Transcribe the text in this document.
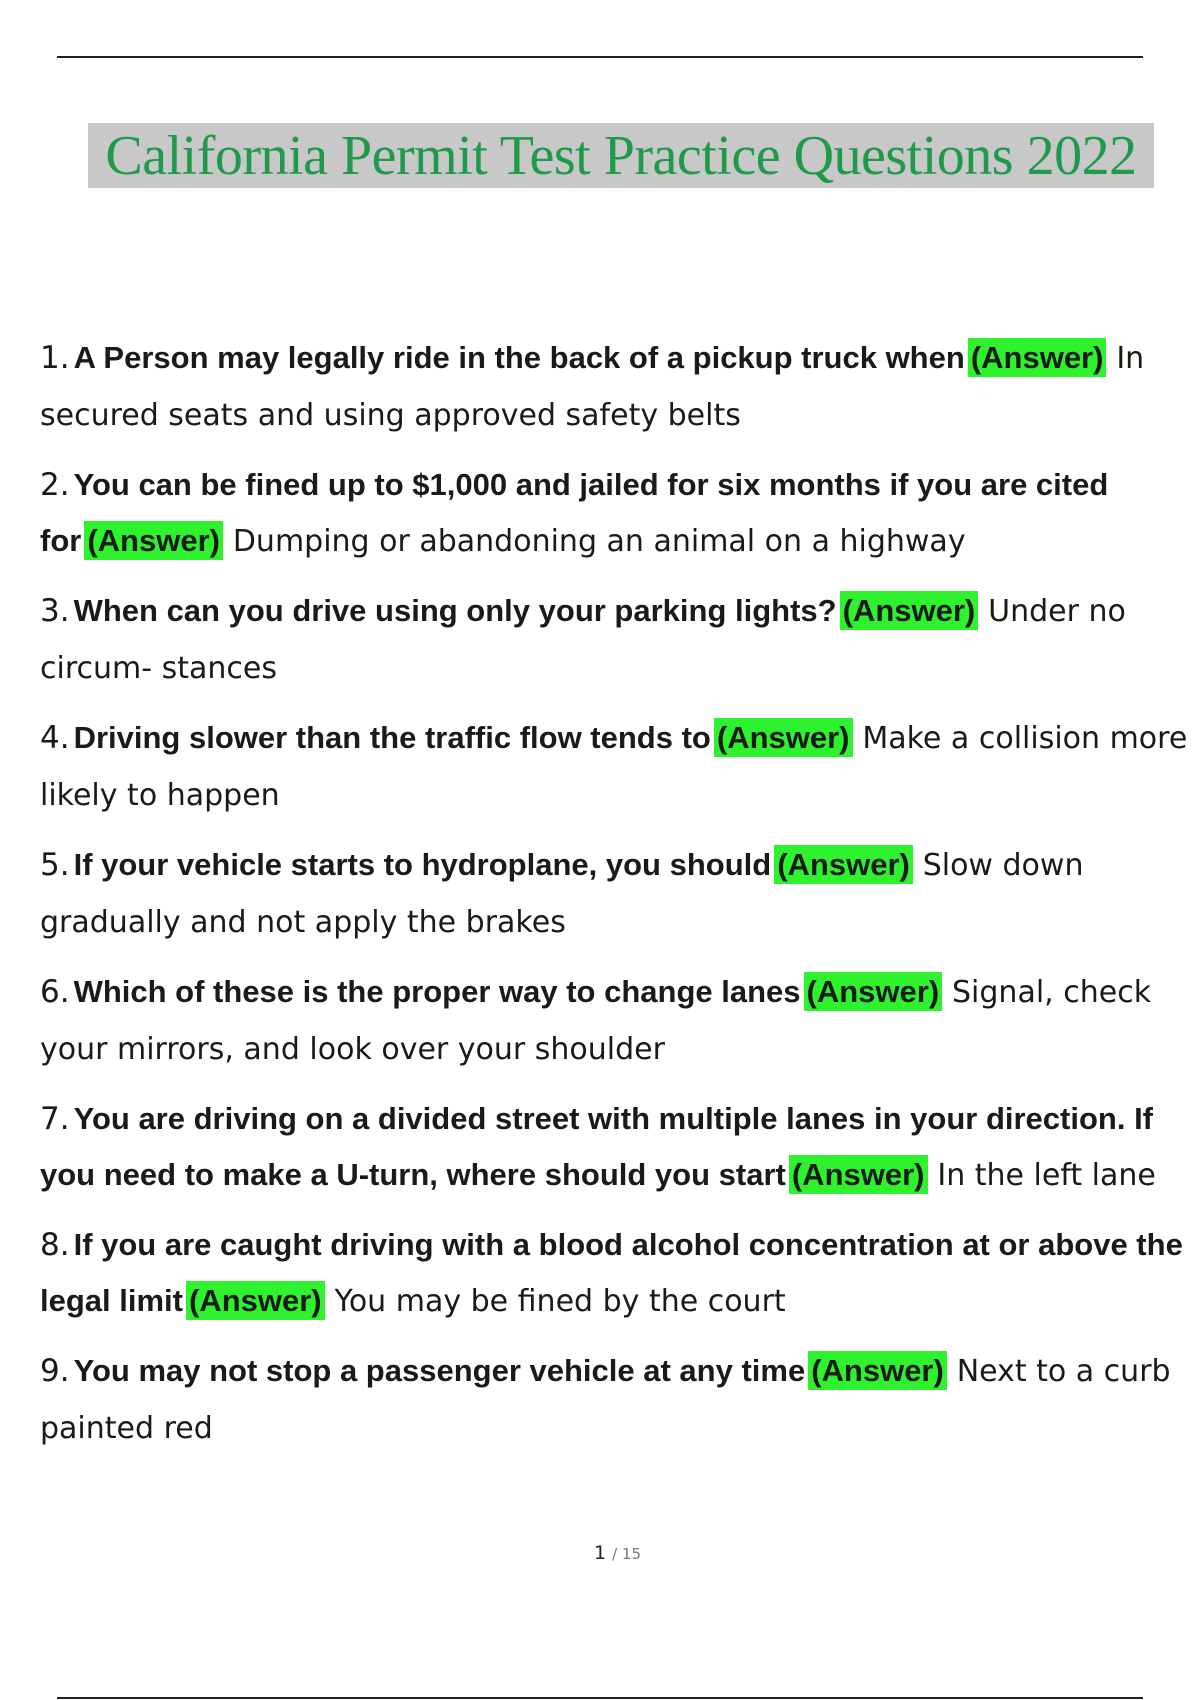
California Permit Test Practice Questions 2022
1. A Person may legally ride in the back of a pickup truck when (Answer) In secured seats and using approved safety belts
2. You can be fined up to $1,000 and jailed for six months if you are cited for (Answer) Dumping or abandoning an animal on a highway
3. When can you drive using only your parking lights? (Answer) Under no circum- stances
4. Driving slower than the traffic flow tends to (Answer) Make a collision more likely to happen
5. If your vehicle starts to hydroplane, you should (Answer) Slow down gradually and not apply the brakes
6. Which of these is the proper way to change lanes (Answer) Signal, check your mirrors, and look over your shoulder
7. You are driving on a divided street with multiple lanes in your direction. If you need to make a U-turn, where should you start (Answer) In the left lane
8. If you are caught driving with a blood alcohol concentration at or above the legal limit (Answer) You may be fined by the court
9. You may not stop a passenger vehicle at any time (Answer) Next to a curb painted red
1 / 15
